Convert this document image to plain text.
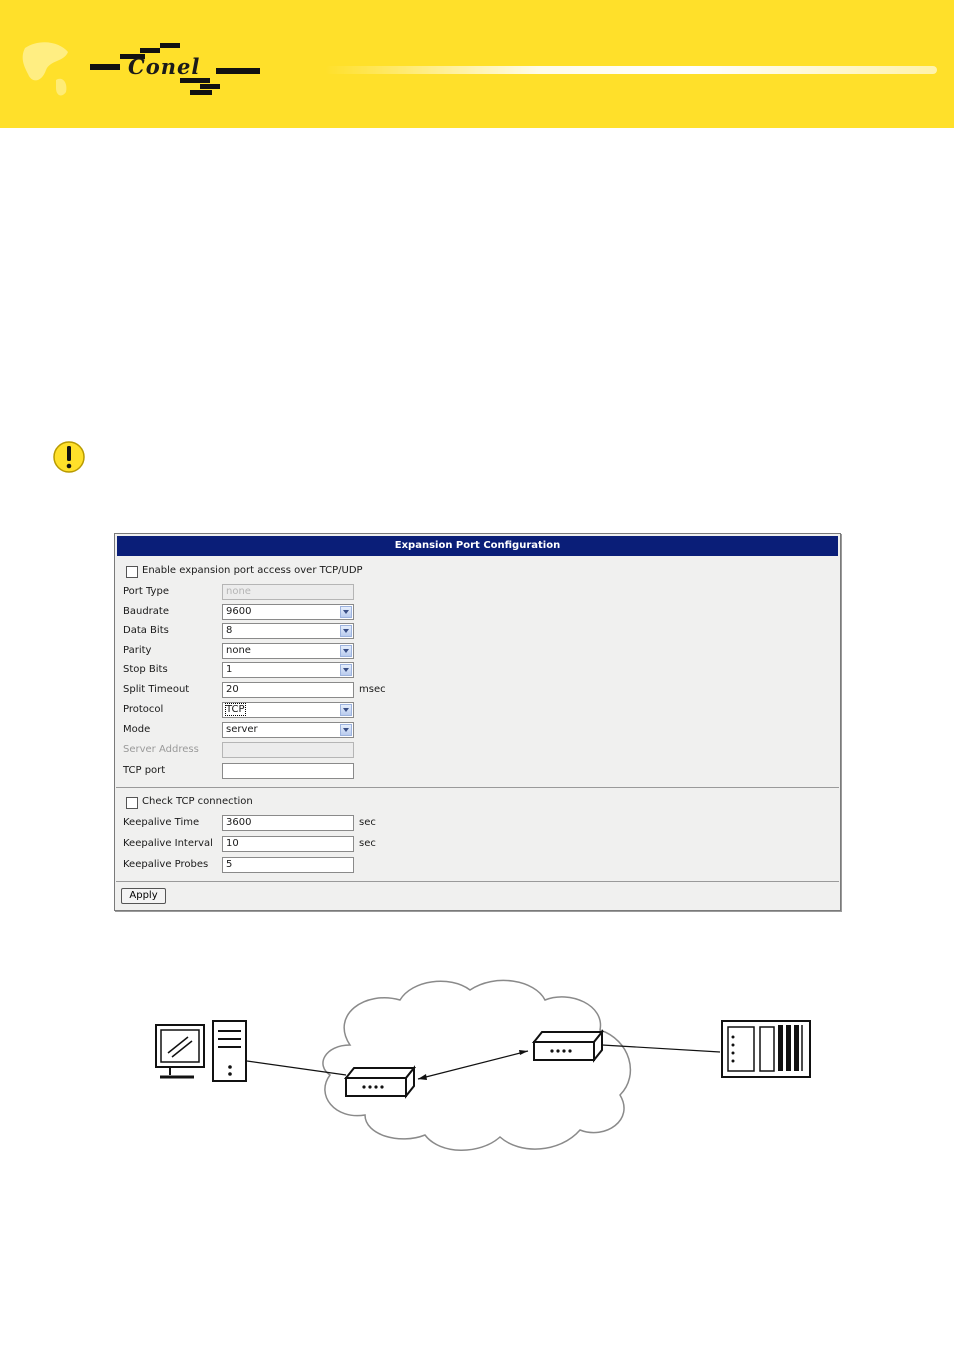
Conel
Expansion Port Configuration
Enable expansion port access over TCP/UDP
Port Type	none
Baudrate	9600
Data Bits	8
Parity	none
Stop Bits	1
Split Timeout	20	msec
Protocol	TCP
Mode	server
Server Address
TCP port
Check TCP connection
Keepalive Time	3600	sec
Keepalive Interval	10	sec
Keepalive Probes	5
Apply
